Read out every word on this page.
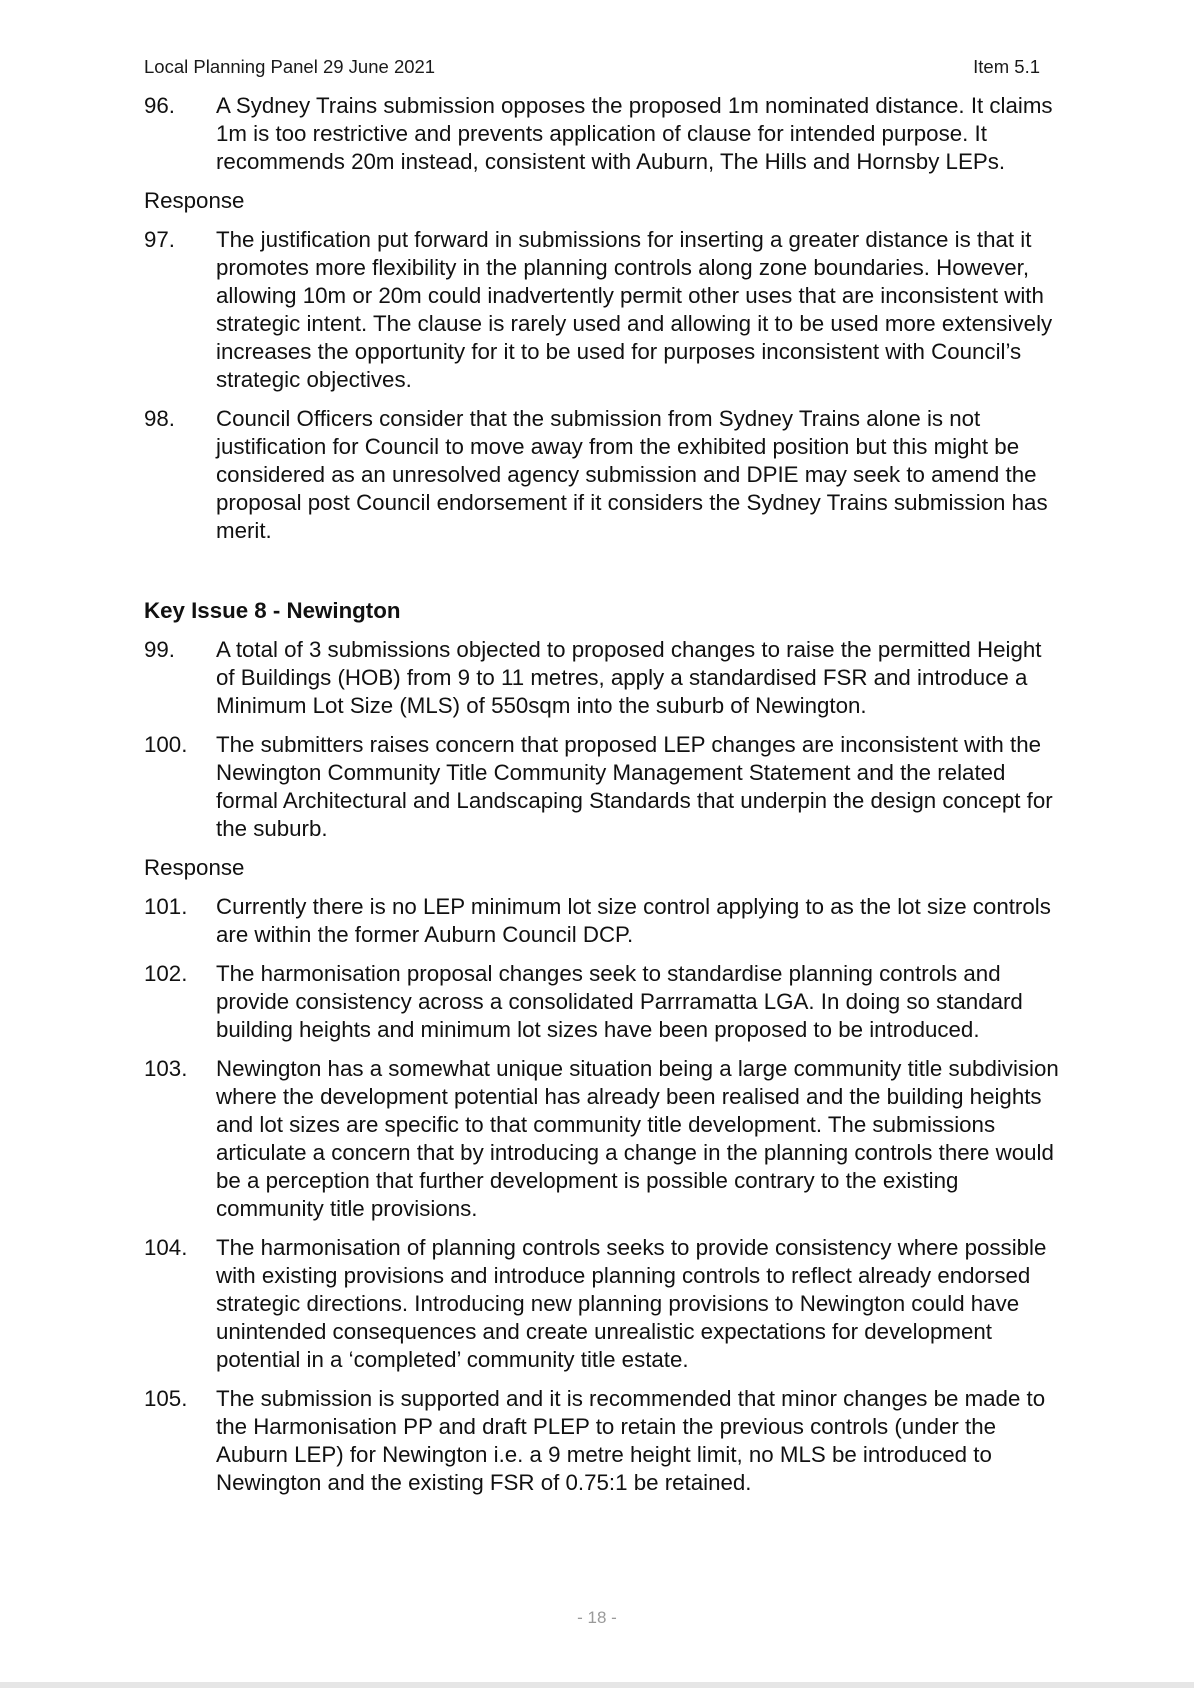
Local Planning Panel 29 June 2021	Item 5.1
96.	A Sydney Trains submission opposes the proposed 1m nominated distance. It claims 1m is too restrictive and prevents application of clause for intended purpose. It recommends 20m instead, consistent with Auburn, The Hills and Hornsby LEPs.
Response
97.	The justification put forward in submissions for inserting a greater distance is that it promotes more flexibility in the planning controls along zone boundaries. However, allowing 10m or 20m could inadvertently permit other uses that are inconsistent with strategic intent. The clause is rarely used and allowing it to be used more extensively increases the opportunity for it to be used for purposes inconsistent with Council’s strategic objectives.
98.	Council Officers consider that the submission from Sydney Trains alone is not justification for Council to move away from the exhibited position but this might be considered as an unresolved agency submission and DPIE may seek to amend the proposal post Council endorsement if it considers the Sydney Trains submission has merit.
Key Issue 8 - Newington
99.	A total of 3 submissions objected to proposed changes to raise the permitted Height of Buildings (HOB) from 9 to 11 metres, apply a standardised FSR and introduce a Minimum Lot Size (MLS) of 550sqm into the suburb of Newington.
100.	The submitters raises concern that proposed LEP changes are inconsistent with the Newington Community Title Community Management Statement and the related formal Architectural and Landscaping Standards that underpin the design concept for the suburb.
Response
101.	Currently there is no LEP minimum lot size control applying to as the lot size controls are within the former Auburn Council DCP.
102.	The harmonisation proposal changes seek to standardise planning controls and provide consistency across a consolidated Parrramatta LGA. In doing so standard building heights and minimum lot sizes have been proposed to be introduced.
103.	Newington has a somewhat unique situation being a large community title subdivision where the development potential has already been realised and the building heights and lot sizes are specific to that community title development. The submissions articulate a concern that by introducing a change in the planning controls there would be a perception that further development is possible contrary to the existing community title provisions.
104.	The harmonisation of planning controls seeks to provide consistency where possible with existing provisions and introduce planning controls to reflect already endorsed strategic directions. Introducing new planning provisions to Newington could have unintended consequences and create unrealistic expectations for development potential in a ‘completed’ community title estate.
105.	The submission is supported and it is recommended that minor changes be made to the Harmonisation PP and draft PLEP to retain the previous controls (under the Auburn LEP) for Newington i.e. a 9 metre height limit, no MLS be introduced to Newington and the existing FSR of 0.75:1 be retained.
- 18 -
